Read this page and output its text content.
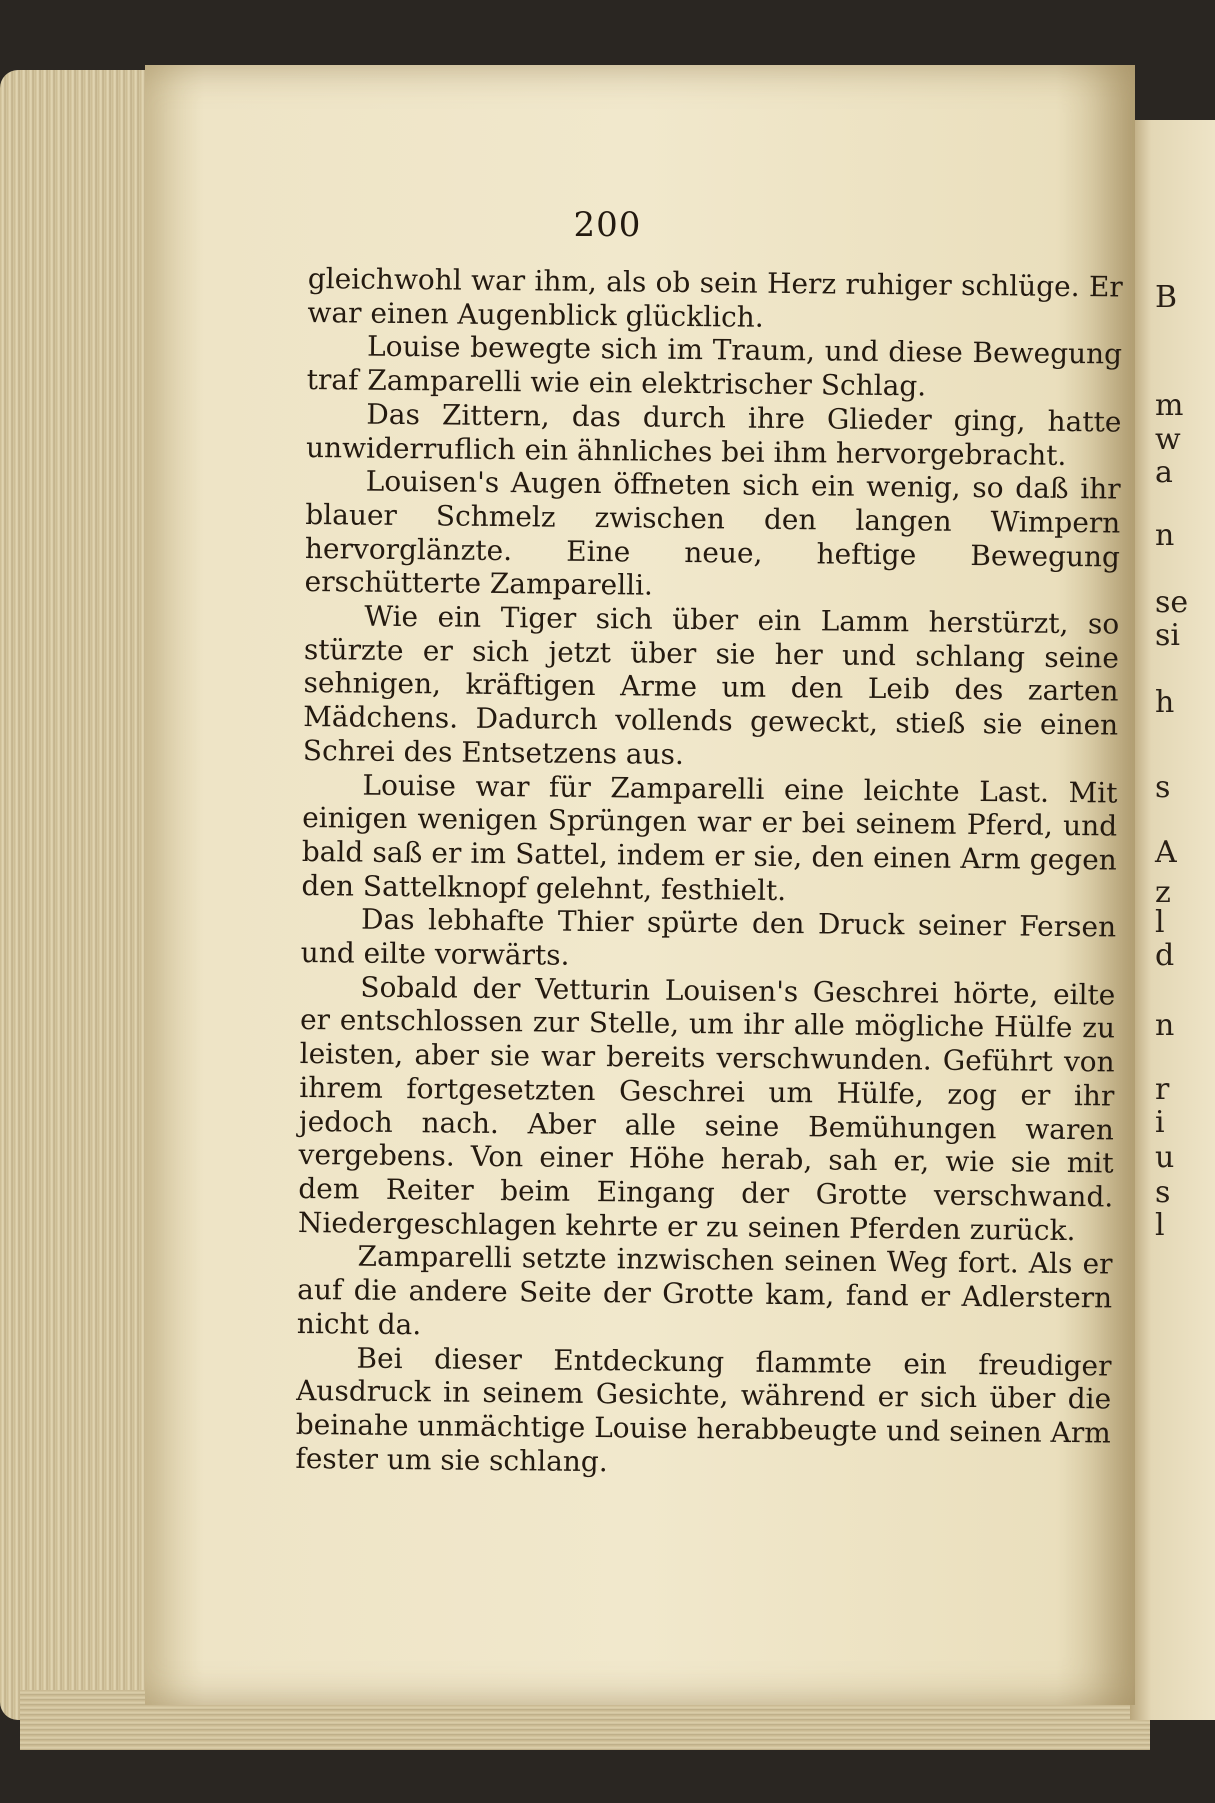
B
m
w
a
n
se
si
h
s
A
z
l
d
n
r
i
u
s
l
200

gleichwohl war ihm, als ob sein Herz ruhiger schlüge. Er war einen Augenblick glücklich.

Louise bewegte sich im Traum, und diese Bewegung traf Zamparelli wie ein elektrischer Schlag.

Das Zittern, das durch ihre Glieder ging, hatte unwiderruflich ein ähnliches bei ihm hervorgebracht.

Louisen's Augen öffneten sich ein wenig, so daß ihr blauer Schmelz zwischen den langen Wimpern hervorglänzte. Eine neue, heftige Bewegung erschütterte Zamparelli.

Wie ein Tiger sich über ein Lamm herstürzt, so stürzte er sich jetzt über sie her und schlang seine sehnigen, kräftigen Arme um den Leib des zarten Mädchens. Dadurch vollends geweckt, stieß sie einen Schrei des Entsetzens aus.

Louise war für Zamparelli eine leichte Last. Mit einigen wenigen Sprüngen war er bei seinem Pferd, und bald saß er im Sattel, indem er sie, den einen Arm gegen den Sattelknopf gelehnt, festhielt.

Das lebhafte Thier spürte den Druck seiner Fersen und eilte vorwärts.

Sobald der Vetturin Louisen's Geschrei hörte, eilte er entschlossen zur Stelle, um ihr alle mögliche Hülfe zu leisten, aber sie war bereits verschwunden. Geführt von ihrem fortgesetzten Geschrei um Hülfe, zog er ihr jedoch nach. Aber alle seine Bemühungen waren vergebens. Von einer Höhe herab, sah er, wie sie mit dem Reiter beim Eingang der Grotte verschwand. Niedergeschlagen kehrte er zu seinen Pferden zurück.

Zamparelli setzte inzwischen seinen Weg fort. Als er auf die andere Seite der Grotte kam, fand er Adlerstern nicht da.

Bei dieser Entdeckung flammte ein freudiger Ausdruck in seinem Gesichte, während er sich über die beinahe unmächtige Louise herabbeugte und seinen Arm fester um sie schlang.
